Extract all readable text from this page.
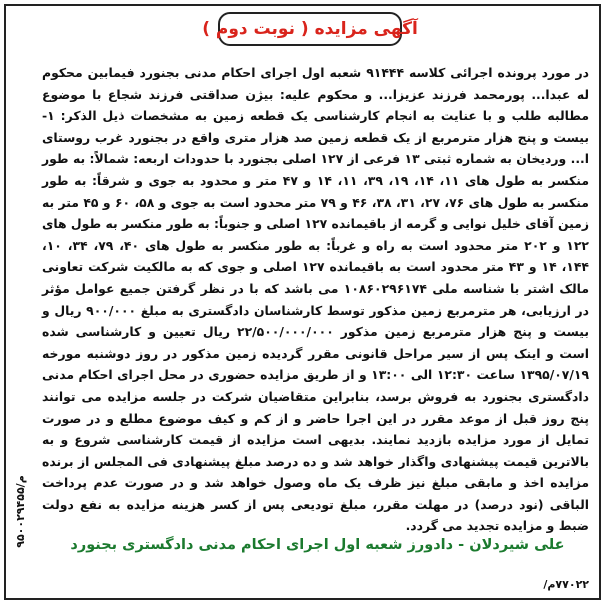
آگهی مزایده ( نوبت دوم )
در مورد پرونده اجرائی کلاسه ۹۱۴۴۴ شعبه اول اجرای احکام مدنی بجنورد فیمابین محکوم له عبدا... پورمحمد فرزند عزیزا... و محکوم علیه: بیژن صداقتی فرزند شجاع با موضوع مطالبه طلب و با عنایت به انجام کارشناسی یک قطعه زمین به مشخصات ذیل الذکر: ۱- بیست و پنج هزار مترمربع از یک قطعه زمین صد هزار متری واقع در بجنورد غرب روستای ا... وردیخان به شماره ثبتی ۱۳ فرعی از ۱۲۷ اصلی بجنورد با حدودات اربعه: شمالاً: به طور منکسر به طول های ۱۱، ۱۴، ۱۹، ۳۹، ۱۱، ۱۴ و ۴۷ متر و محدود به جوی و شرقاً: به طور منکسر به طول های ۷۶، ۲۷، ۳۱، ۳۸، ۴۶ و ۷۹ متر محدود است به جوی و ۵۸، ۶۰ و ۴۵ متر به زمین آقای خلیل نوایی و گرمه از باقیمانده ۱۲۷ اصلی و جنوباً: به طور منکسر به طول های ۱۲۲ و ۲۰۲ متر محدود است به راه و غرباً: به طور منکسر به طول های ۴۰، ۷۹، ۳۴، ۱۰، ۱۴۴، ۱۴ و ۴۳ متر محدود است به باقیمانده ۱۲۷ اصلی و جوی که به مالکیت شرکت تعاونی مالک اشتر با شناسه ملی ۱۰۸۶۰۲۹۶۱۷۴ می باشد که با در نظر گرفتن جمیع عوامل مؤثر در ارزیابی، هر مترمربع زمین مذکور توسط کارشناسان دادگستری به مبلغ ۹۰۰/۰۰۰ ریال و بیست و پنج هزار مترمربع زمین مذکور ۲۲/۵۰۰/۰۰۰/۰۰۰ ریال تعیین و کارشناسی شده است و اینک پس از سیر مراحل قانونی مقرر گردیده زمین مذکور در روز دوشنبه مورخه ۱۳۹۵/۰۷/۱۹ ساعت ۱۲:۳۰ الی ۱۳:۰۰ و از طریق مزایده حضوری در محل اجرای احکام مدنی دادگستری بجنورد به فروش برسد، بنابراین متقاضیان شرکت در جلسه مزایده می توانند پنج روز قبل از موعد مقرر در این اجرا حاضر و از کم و کیف موضوع مطلع و در صورت تمایل از مورد مزایده بازدید نمایند. بدیهی است مزایده از قیمت کارشناسی شروع و به بالاترین قیمت پیشنهادی واگذار خواهد شد و ده درصد مبلغ پیشنهادی فی المجلس از برنده مزایده اخذ و مابقی مبلغ نیز ظرف یک ماه وصول خواهد شد و در صورت عدم پرداخت الباقی (نود درصد) در مهلت مقرر، مبلغ تودیعی پس از کسر هزینه مزایده به نفع دولت ضبط و مزایده تجدید می گردد.
علی شیردلان - دادورز شعبه اول اجرای احکام مدنی دادگستری بجنورد
۷۷۰۲۲م/
م/۹۵۰۰۲۹۴۵۵
